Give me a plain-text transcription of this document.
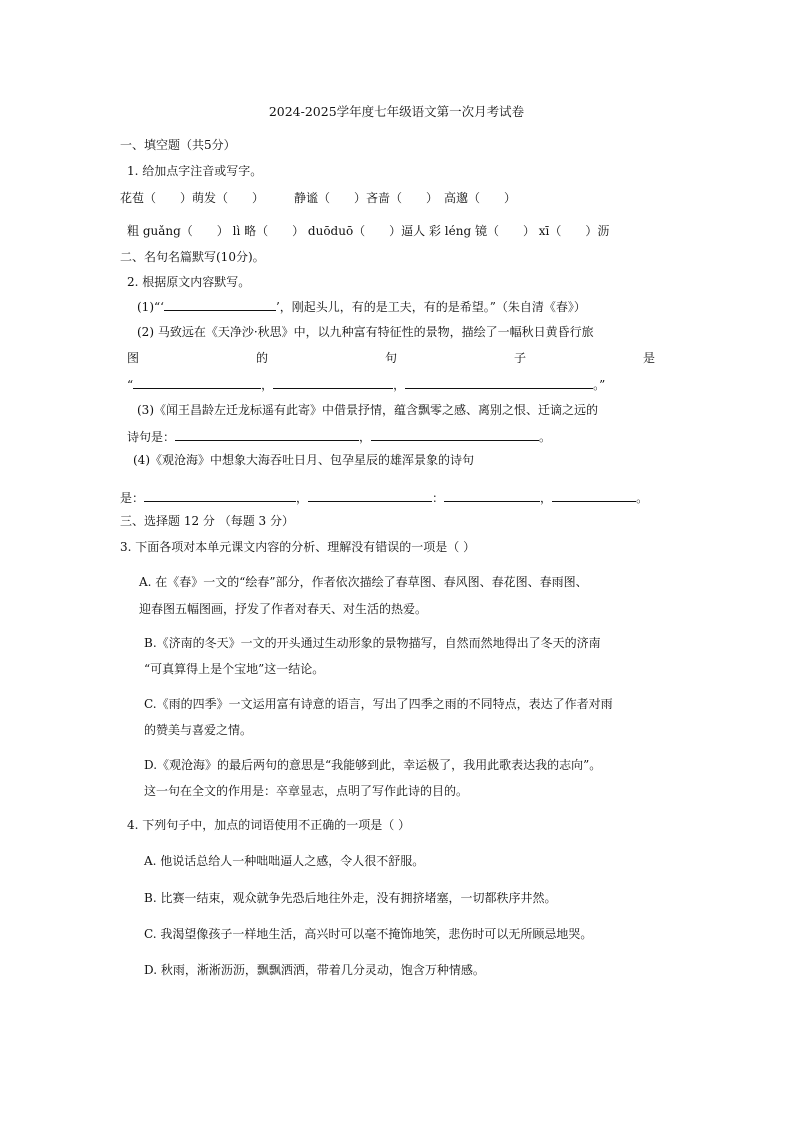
2024-2025学年度七年级语文第一次月考试卷
一、填空题（共5分）
1. 给加点字注音或写字。
花苞（　　）萌发（　　）　　　静谧（　　）吝啬（　　）　高邈（　　）
粗 guǎng（　　） lì 略（　　） duōduō（　　）逼人 彩 léng 镜（　　） xī（　　）沥
二、名句名篇默写(10分)。
2. 根据原文内容默写。
(1)“‘	’，刚起头儿，有的是工夫，有的是希望。”（朱自清《春》）
(2) 马致远在《天净沙·秋思》中，以九种富有特征性的景物，描绘了一幅秋日黄昏行旅
图	的	句	子	是
“	，	，	。”
(3)《闻王昌龄左迁龙标遥有此寄》中借景抒情，蕴含飘零之感、离别之恨、迁谪之远的
诗句是：	，	。
(4)《观沧海》中想象大海吞吐日月、包孕星辰的雄浑景象的诗句
是：	，	：	，	。
三、选择题 12 分 （每题 3 分）
3. 下面各项对本单元课文内容的分析、理解没有错误的一项是（ ）
A. 在《春》一文的“绘春”部分，作者依次描绘了春草图、春风图、春花图、春雨图、
迎春图五幅图画，抒发了作者对春天、对生活的热爱。
B.《济南的冬天》一文的开头通过生动形象的景物描写，自然而然地得出了冬天的济南
“可真算得上是个宝地”这一结论。
C.《雨的四季》一文运用富有诗意的语言，写出了四季之雨的不同特点，表达了作者对雨
的赞美与喜爱之情。
D.《观沧海》的最后两句的意思是“我能够到此，幸运极了，我用此歌表达我的志向”。
这一句在全文的作用是：卒章显志，点明了写作此诗的目的。
4. 下列句子中，加点的词语使用不正确的一项是（ ）
A. 他说话总给人一种咄咄逼人之感，令人很不舒服。
B. 比赛一结束，观众就争先恐后地往外走，没有拥挤堵塞，一切都秩序井然。
C. 我渴望像孩子一样地生活，高兴时可以毫不掩饰地笑，悲伤时可以无所顾忌地哭。
D. 秋雨，淅淅沥沥，飘飘洒洒，带着几分灵动，饱含万种情感。
